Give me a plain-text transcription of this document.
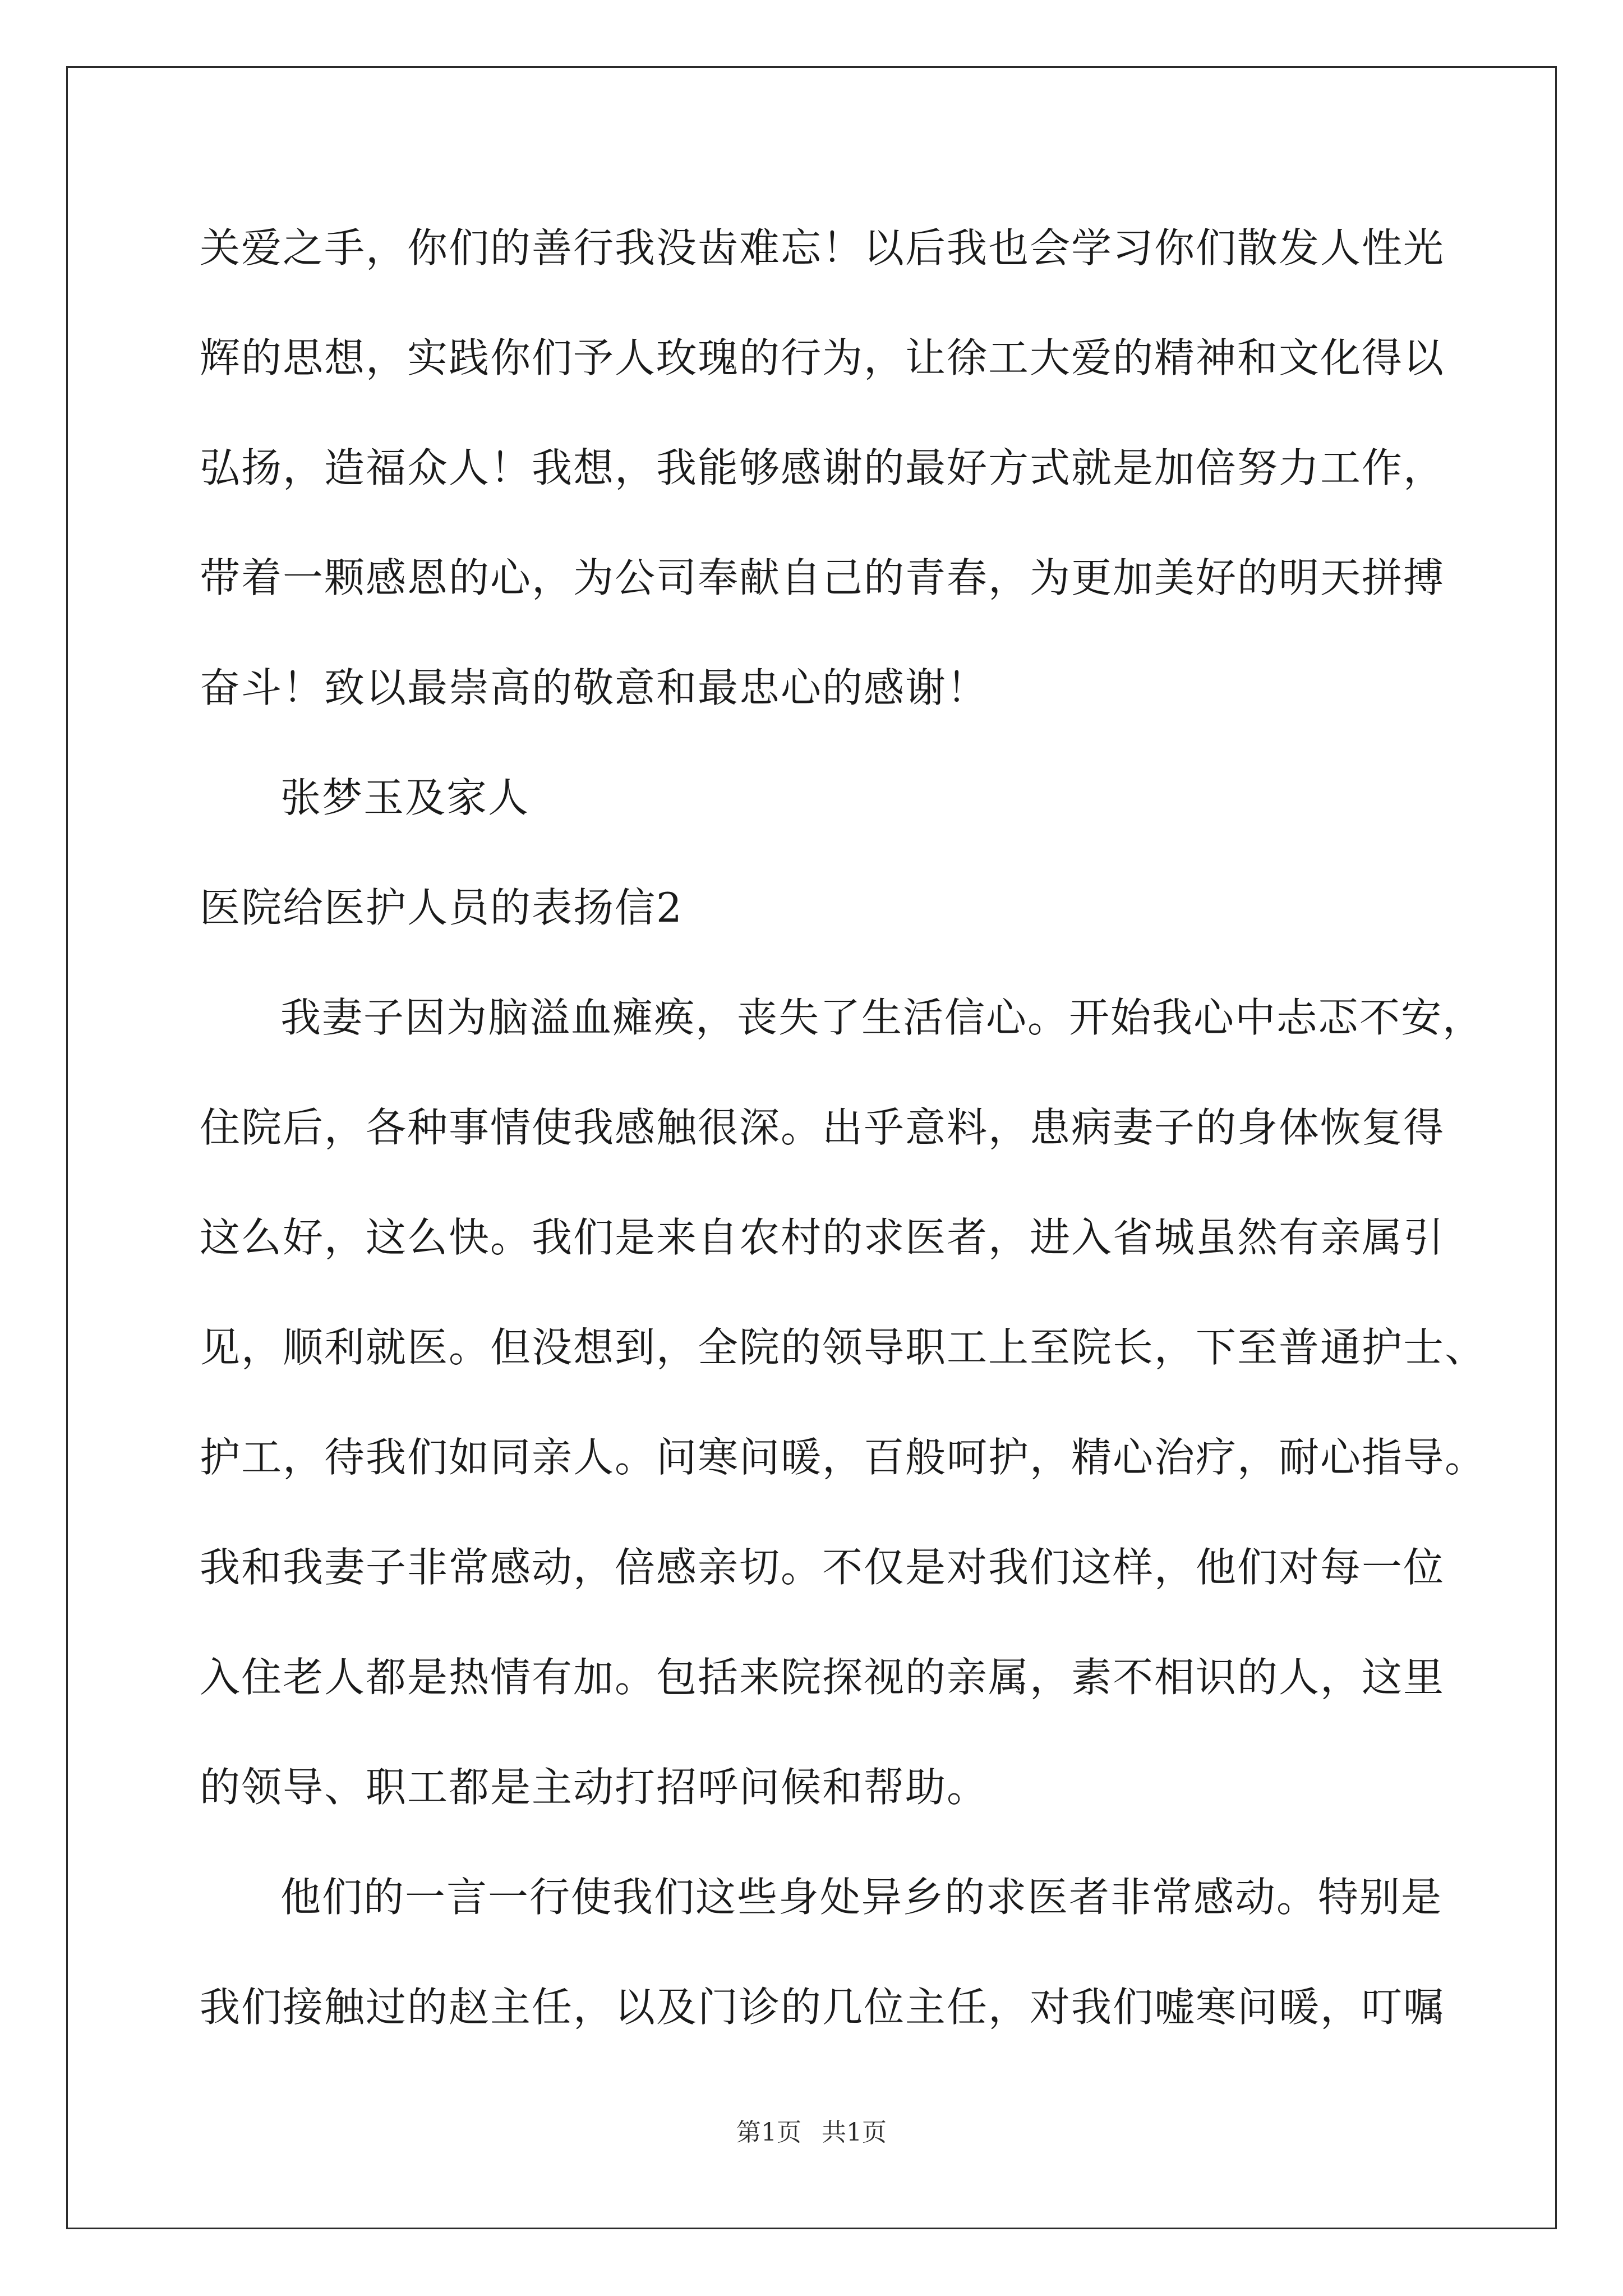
关爱之手，你们的善行我没齿难忘！以后我也会学习你们散发人性光
辉的思想，实践你们予人玫瑰的行为，让徐工大爱的精神和文化得以
弘扬，造福众人！我想，我能够感谢的最好方式就是加倍努力工作，
带着一颗感恩的心，为公司奉献自己的青春，为更加美好的明天拼搏
奋斗！致以最崇高的敬意和最忠心的感谢！
张梦玉及家人
医院给医护人员的表扬信2
我妻子因为脑溢血瘫痪，丧失了生活信心。开始我心中忐忑不安，
住院后，各种事情使我感触很深。出乎意料，患病妻子的身体恢复得
这么好，这么快。我们是来自农村的求医者，进入省城虽然有亲属引
见，顺利就医。但没想到，全院的领导职工上至院长，下至普通护士、
护工，待我们如同亲人。问寒问暖，百般呵护，精心治疗，耐心指导。
我和我妻子非常感动，倍感亲切。不仅是对我们这样，他们对每一位
入住老人都是热情有加。包括来院探视的亲属，素不相识的人，这里
的领导、职工都是主动打招呼问候和帮助。
他们的一言一行使我们这些身处异乡的求医者非常感动。特别是
我们接触过的赵主任，以及门诊的几位主任，对我们嘘寒问暖，叮嘱
第1页 共1页
